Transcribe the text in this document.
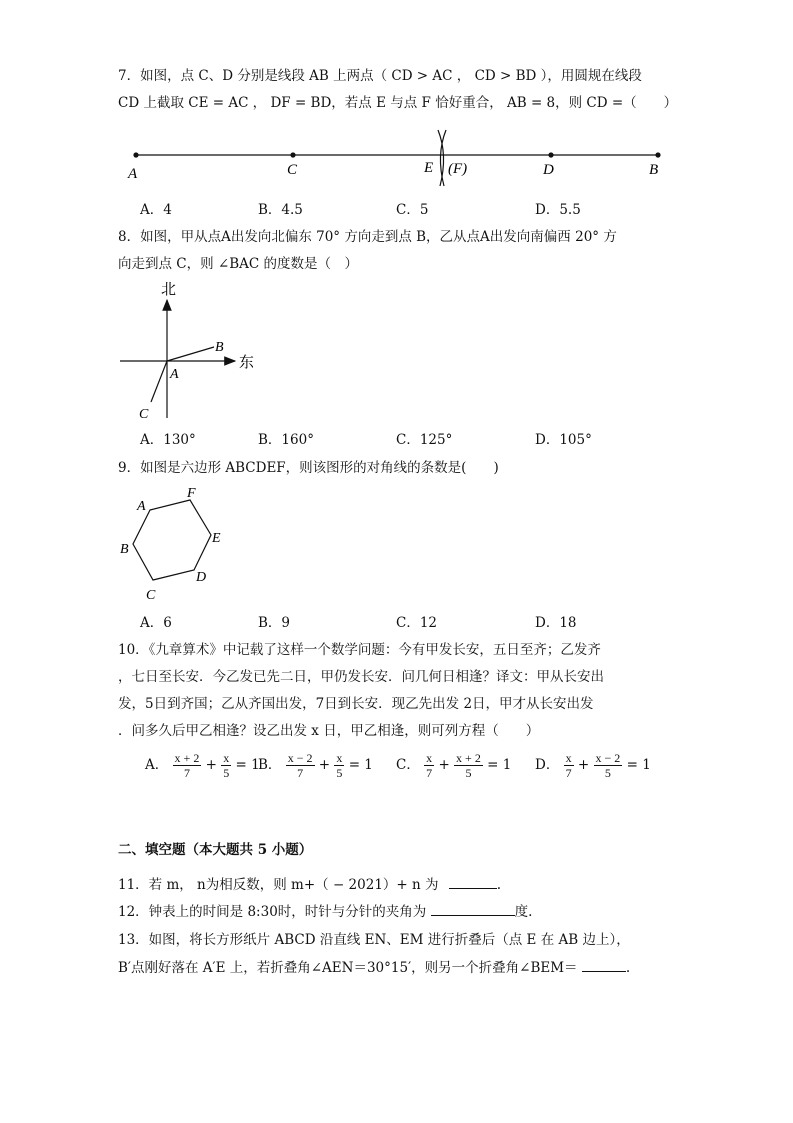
7．如图，点 C、D 分别是线段 AB 上两点（ CD > AC ， CD > BD ），用圆规在线段
CD 上截取 CE = AC ， DF = BD，若点 E 与点 F 恰好重合， AB = 8，则 CD =（　　）
A	C	E (F)	D	B
A．4	B．4.5	C．5	D．5.5
8．如图，甲从点A出发向北偏东 70° 方向走到点 B，乙从点A出发向南偏西 20° 方
向走到点 C，则 ∠BAC 的度数是（　）
北
东
A
B
C
A．130°	B．160°	C．125°	D．105°
9．如图是六边形 ABCDEF，则该图形的对角线的条数是(　　)
A
F
E
D
C
B
A．6	B．9	C．12	D．18
10．《九章算术》中记载了这样一个数学问题：今有甲发长安，五日至齐；乙发齐
，七日至长安．今乙发已先二日，甲仍发长安．问几何日相逢？译文：甲从长安出
发，5日到齐国；乙从齐国出发，7日到长安．现乙先出发 2日，甲才从长安出发
．问多久后甲乙相逢？设乙出发 x 日，甲乙相逢，则可列方程（　　）
A． $\frac{x + 2}{7} + \frac{x}{5} = 1$
B． $\frac{x - 2}{7} + \frac{x}{5} = 1$ C． $\frac{x}{7} + \frac{x + 2}{5} = 1$ D． $\frac{x}{7} + \frac{x - 2}{5} = 1$
二、填空题（本大题共 5 小题）
11．若 m， n为相反数，则 m+（ − 2021）+ n 为	.
12．钟表上的时间是 8:30时，时针与分针的夹角为	度.
13．如图，将长方形纸片 ABCD 沿直线 EN、EM 进行折叠后（点 E 在 AB 边上），
B′点刚好落在 A′E 上，若折叠角∠AEN＝30°15′，则另一个折叠角∠BEM＝	.
